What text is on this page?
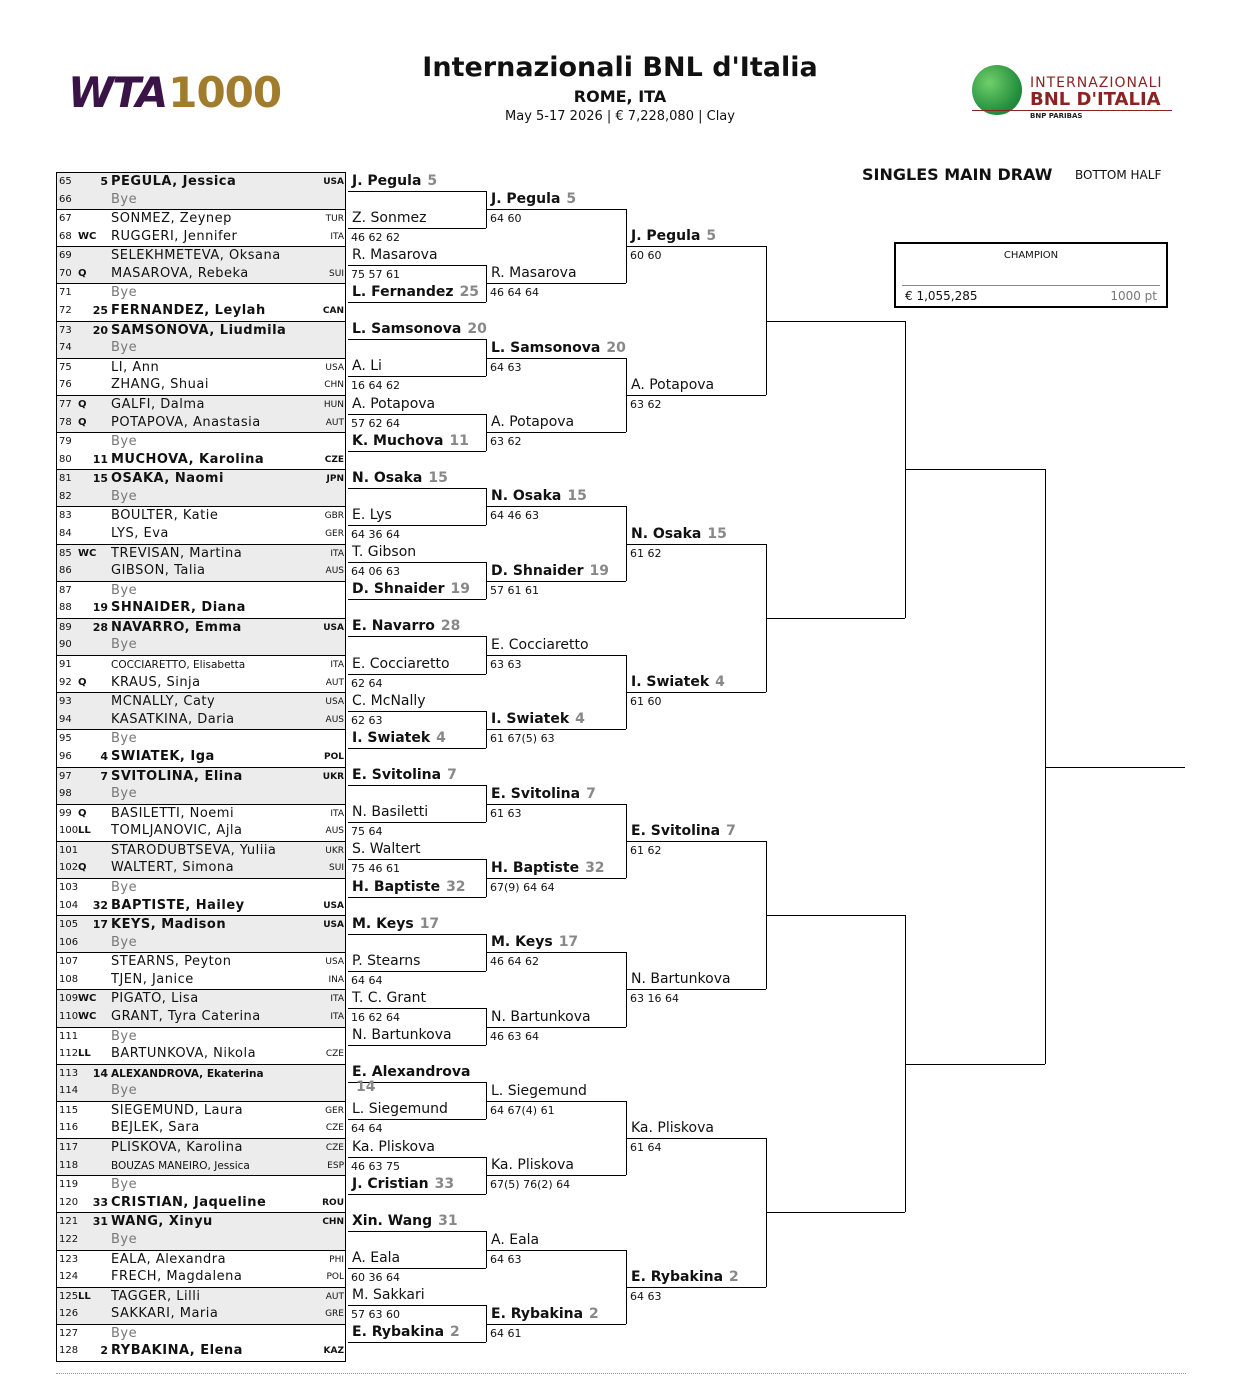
WTA1000
Internazionali BNL d'Italia
ROME, ITA
May 5-17 2026 | € 7,228,080 | Clay
INTERNAZIONALI
BNL D'ITALIA
BNP PARIBAS
SINGLES MAIN DRAW BOTTOM HALF
CHAMPION
€ 1,055,285	1000 pt
65	5 PEGULA, Jessica	USA
66	Bye
67	SONMEZ, Zeynep	TUR
68 WC RUGGERI, Jennifer	ITA
69	SELEKHMETEVA, Oksana
70 Q MASAROVA, Rebeka	SUI
71	Bye
72 25 FERNANDEZ, Leylah	CAN
73 20 SAMSONOVA, Liudmila
74	Bye
75	LI, Ann	USA
76	ZHANG, Shuai	CHN
77 Q GALFI, Dalma	HUN
78 Q POTAPOVA, Anastasia	AUT
79	Bye
80 11 MUCHOVA, Karolina	CZE
81 15 OSAKA, Naomi	JPN
82	Bye
83	BOULTER, Katie	GBR
84	LYS, Eva	GER
85 WC TREVISAN, Martina	ITA
86	GIBSON, Talia	AUS
87	Bye
88 19 SHNAIDER, Diana
89 28 NAVARRO, Emma	USA
90	Bye
91	COCCIARETTO, Elisabetta	ITA
92 Q KRAUS, Sinja	AUT
93	MCNALLY, Caty	USA
94	KASATKINA, Daria	AUS
95	Bye
96	4 SWIATEK, Iga	POL
97	7 SVITOLINA, Elina	UKR
98	Bye
99 Q BASILETTI, Noemi	ITA
100 LL TOMLJANOVIC, Ajla	AUS
101	STARODUBTSEVA, Yuliia	UKR
102 Q WALTERT, Simona	SUI
103	Bye
104 32 BAPTISTE, Hailey	USA
105 17 KEYS, Madison	USA
106	Bye
107	STEARNS, Peyton	USA
108	TJEN, Janice	INA
109 WC PIGATO, Lisa	ITA
110 WC GRANT, Tyra Caterina	ITA
111	Bye
112 LL BARTUNKOVA, Nikola	CZE
113 14 ALEXANDROVA, Ekaterina
114	Bye
115	SIEGEMUND, Laura	GER
116	BEJLEK, Sara	CZE
117	PLISKOVA, Karolina	CZE
118	BOUZAS MANEIRO, Jessica	ESP
119	Bye
120 33 CRISTIAN, Jaqueline	ROU
121 31 WANG, Xinyu	CHN
122	Bye
123	EALA, Alexandra	PHI
124	FRECH, Magdalena	POL
125 LL TAGGER, Lilli	AUT
126	SAKKARI, Maria	GRE
127	Bye
128	2 RYBAKINA, Elena	KAZ
J. Pegula 5
Z. Sonmez
46 62 62
R. Masarova
75 57 61
L. Fernandez 25
L. Samsonova 20
A. Li
16 64 62
A. Potapova
57 62 64
K. Muchova 11
N. Osaka 15
E. Lys
64 36 64
T. Gibson
64 06 63
D. Shnaider 19
E. Navarro 28
E. Cocciaretto
62 64
C. McNally
62 63
I. Swiatek 4
E. Svitolina 7
N. Basiletti
75 64
S. Waltert
75 46 61
H. Baptiste 32
M. Keys 17
P. Stearns
64 64
T. C. Grant
16 62 64
N. Bartunkova
E. Alexandrova
14
L. Siegemund
64 64
Ka. Pliskova
46 63 75
J. Cristian 33
Xin. Wang 31
A. Eala
60 36 64
M. Sakkari
57 63 60
E. Rybakina 2
J. Pegula 5
64 60
R. Masarova
46 64 64
L. Samsonova 20
64 63
A. Potapova
63 62
N. Osaka 15
64 46 63
D. Shnaider 19
57 61 61
E. Cocciaretto
63 63
I. Swiatek 4
61 67(5) 63
E. Svitolina 7
61 63
H. Baptiste 32
67(9) 64 64
M. Keys 17
46 64 62
N. Bartunkova
46 63 64
L. Siegemund
64 67(4) 61
Ka. Pliskova
67(5) 76(2) 64
A. Eala
64 63
E. Rybakina 2
64 61
J. Pegula 5
60 60
A. Potapova
63 62
N. Osaka 15
61 62
I. Swiatek 4
61 60
E. Svitolina 7
61 62
N. Bartunkova
63 16 64
Ka. Pliskova
61 64
E. Rybakina 2
64 63
